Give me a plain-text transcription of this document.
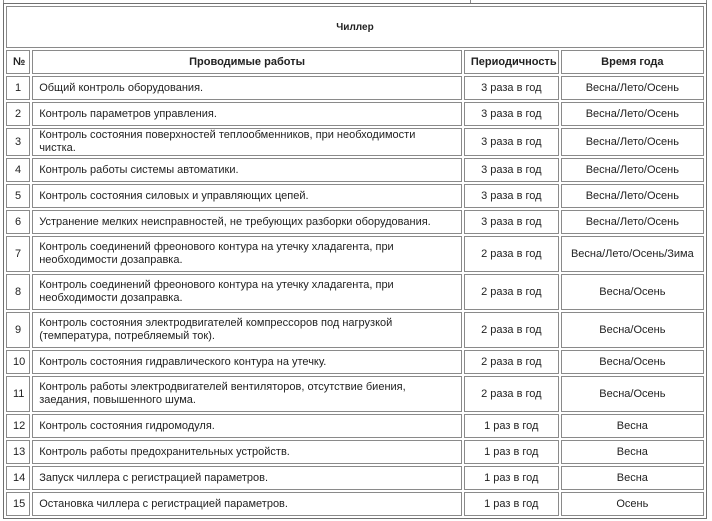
Чиллер			
№	Проводимые работы	Периодичность	Время года
1	Общий контроль оборудования.	3 раза в год	Весна/Лето/Осень
2	Контроль параметров управления.	3 раза в год	Весна/Лето/Осень
3	Контроль состояния поверхностей теплообменников, при необходимости чистка.	3 раза в год	Весна/Лето/Осень
4	Контроль работы системы автоматики.	3 раза в год	Весна/Лето/Осень
5	Контроль состояния силовых и управляющих цепей.	3 раза в год	Весна/Лето/Осень
6	Устранение мелких неисправностей, не требующих разборки оборудования.	3 раза в год	Весна/Лето/Осень
7	Контроль соединений фреонового контура на утечку хладагента, при необходимости дозаправка.	2 раза в год	Весна/Лето/Осень/Зима
8	Контроль соединений фреонового контура на утечку хладагента, при необходимости дозаправка.	2 раза в год	Весна/Осень
9	Контроль состояния электродвигателей компрессоров под нагрузкой (температура, потребляемый ток).	2 раза в год	Весна/Осень
10	Контроль состояния гидравлического контура на утечку.	2 раза в год	Весна/Осень
11	Контроль работы электродвигателей вентиляторов, отсутствие биения, заедания, повышенного шума.	2 раза в год	Весна/Осень
12	Контроль состояния гидромодуля.	1 раз в год	Весна
13	Контроль работы предохранительных устройств.	1 раз в год	Весна
14	Запуск чиллера с регистрацией параметров.	1 раз в год	Весна
15	Остановка чиллера с регистрацией параметров.	1 раз в год	Осень
